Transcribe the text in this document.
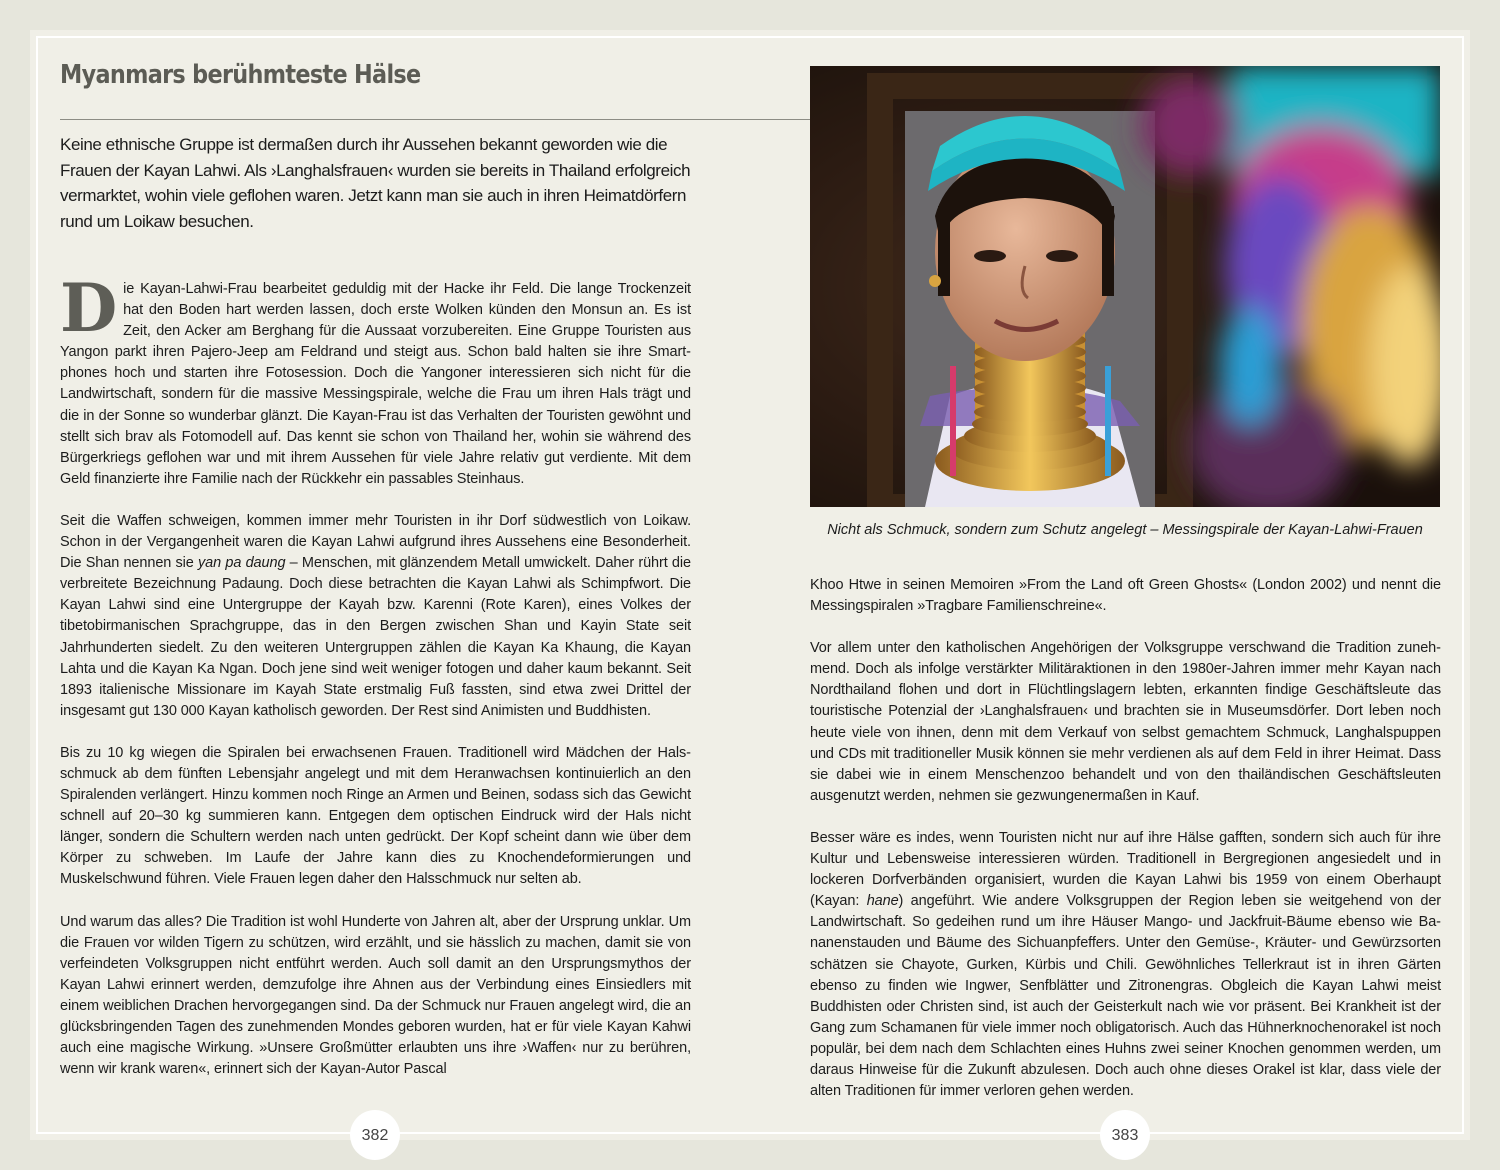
Myanmars berühmteste Hälse

Keine ethnische Gruppe ist dermaßen durch ihr Aussehen bekannt geworden wie die Frauen der Kayan Lahwi. Als ›Langhalsfrauen‹ wurden sie bereits in Thailand erfolgreich vermarktet, wohin viele geflohen waren. Jetzt kann man sie auch in ihren Heimatdörfern rund um Loikaw besuchen.

Die Kayan-Lahwi-Frau bearbeitet geduldig mit der Hacke ihr Feld. Die lange Trockenzeit hat den Boden hart werden lassen, doch erste Wolken künden den Monsun an. Es ist Zeit, den Acker am Berghang für die Aussaat vorzubereiten. Eine Gruppe Touristen aus Yangon parkt ihren Pajero-Jeep am Feldrand und steigt aus. Schon bald halten sie ihre Smartphones hoch und starten ihre Fotosession. Doch die Yangoner interessieren sich nicht für die Landwirtschaft, sondern für die massive Messingspirale, welche die Frau um ihren Hals trägt und die in der Sonne so wunderbar glänzt. Die Kayan-Frau ist das Verhalten der Touristen gewöhnt und stellt sich brav als Fotomodell auf. Das kennt sie schon von Thailand her, wohin sie während des Bürgerkriegs geflohen war und mit ihrem Aussehen für viele Jahre relativ gut verdiente. Mit dem Geld finanzierte ihre Familie nach der Rückkehr ein passables Steinhaus.

Seit die Waffen schweigen, kommen immer mehr Touristen in ihr Dorf südwestlich von Loikaw. Schon in der Vergangenheit waren die Kayan Lahwi aufgrund ihres Aussehens eine Besonderheit. Die Shan nennen sie yan pa daung – Menschen, mit glänzendem Metall umwickelt. Daher rührt die verbreitete Bezeichnung Padaung. Doch diese betrachten die Kayan Lahwi als Schimpfwort. Die Kayan Lahwi sind eine Untergruppe der Kayah bzw. Karenni (Rote Karen), eines Volkes der tibetobirmanischen Sprachgruppe, das in den Bergen zwischen Shan und Kayin State seit Jahrhunderten siedelt. Zu den weiteren Untergruppen zählen die Kayan Ka Khaung, die Kayan Lahta und die Kayan Ka Ngan. Doch jene sind weit weniger fotogen und daher kaum bekannt. Seit 1893 italienische Missionare im Kayah State erstmalig Fuß fassten, sind etwa zwei Drittel der insgesamt gut 130 000 Kayan katholisch geworden. Der Rest sind Animisten und Buddhisten.

Bis zu 10 kg wiegen die Spiralen bei erwachsenen Frauen. Traditionell wird Mädchen der Halsschmuck ab dem fünften Lebensjahr angelegt und mit dem Heranwachsen kontinuierlich an den Spiralenden verlängert. Hinzu kommen noch Ringe an Armen und Beinen, sodass sich das Gewicht schnell auf 20–30 kg summieren kann. Entgegen dem optischen Eindruck wird der Hals nicht länger, sondern die Schultern werden nach unten gedrückt. Der Kopf scheint dann wie über dem Körper zu schweben. Im Laufe der Jahre kann dies zu Knochendeformierungen und Muskelschwund führen. Viele Frauen legen daher den Halsschmuck nur selten ab.

Und warum das alles? Die Tradition ist wohl Hunderte von Jahren alt, aber der Ursprung unklar. Um die Frauen vor wilden Tigern zu schützen, wird erzählt, und sie hässlich zu machen, damit sie von verfeindeten Volksgruppen nicht entführt werden. Auch soll damit an den Ursprungsmythos der Kayan Lahwi erinnert werden, demzufolge ihre Ahnen aus der Verbindung eines Einsiedlers mit einem weiblichen Drachen hervorgegangen sind. Da der Schmuck nur Frauen angelegt wird, die an glücksbringenden Tagen des zunehmenden Mondes geboren wurden, hat er für viele Kayan Kahwi auch eine magische Wirkung. »Unsere Großmütter erlaubten uns ihre ›Waffen‹ nur zu berühren, wenn wir krank waren«, erinnert sich der Kayan-Autor Pascal

Nicht als Schmuck, sondern zum Schutz angelegt – Messingspirale der Kayan-Lahwi-Frauen

Khoo Htwe in seinen Memoiren »From the Land oft Green Ghosts« (London 2002) und nennt die Messingspiralen »Tragbare Familienschreine«.

Vor allem unter den katholischen Angehörigen der Volksgruppe verschwand die Tradition zunehmend. Doch als infolge verstärkter Militäraktionen in den 1980er-Jahren immer mehr Kayan nach Nordthailand flohen und dort in Flüchtlingslagern lebten, erkannten findige Geschäftsleute das touristische Potenzial der ›Langhalsfrauen‹ und brachten sie in Museumsdörfer. Dort leben noch heute viele von ihnen, denn mit dem Verkauf von selbst gemachtem Schmuck, Langhalspuppen und CDs mit traditioneller Musik können sie mehr verdienen als auf dem Feld in ihrer Heimat. Dass sie dabei wie in einem Menschenzoo behandelt und von den thailändischen Geschäftsleuten ausgenutzt werden, nehmen sie gezwungenermaßen in Kauf.

Besser wäre es indes, wenn Touristen nicht nur auf ihre Hälse gafften, sondern sich auch für ihre Kultur und Lebensweise interessieren würden. Traditionell in Bergregionen angesiedelt und in lockeren Dorfverbänden organisiert, wurden die Kayan Lahwi bis 1959 von einem Oberhaupt (Kayan: hane) angeführt. Wie andere Volksgruppen der Region leben sie weitgehend von der Landwirtschaft. So gedeihen rund um ihre Häuser Mango- und Jackfruit-Bäume ebenso wie Bananenstauden und Bäume des Sichuanpfeffers. Unter den Gemüse-, Kräuter- und Gewürzsorten schätzen sie Chayote, Gurken, Kürbis und Chili. Gewöhnliches Tellerkraut ist in ihren Gärten ebenso zu finden wie Ingwer, Senfblätter und Zitronengras. Obgleich die Kayan Lahwi meist Buddhisten oder Christen sind, ist auch der Geisterkult nach wie vor präsent. Bei Krankheit ist der Gang zum Schamanen für viele immer noch obligatorisch. Auch das Hühnerknochenorakel ist noch populär, bei dem nach dem Schlachten eines Huhns zwei seiner Knochen genommen werden, um daraus Hinweise für die Zukunft abzulesen. Doch auch ohne dieses Orakel ist klar, dass viele der alten Traditionen für immer verloren gehen werden.

382	383
